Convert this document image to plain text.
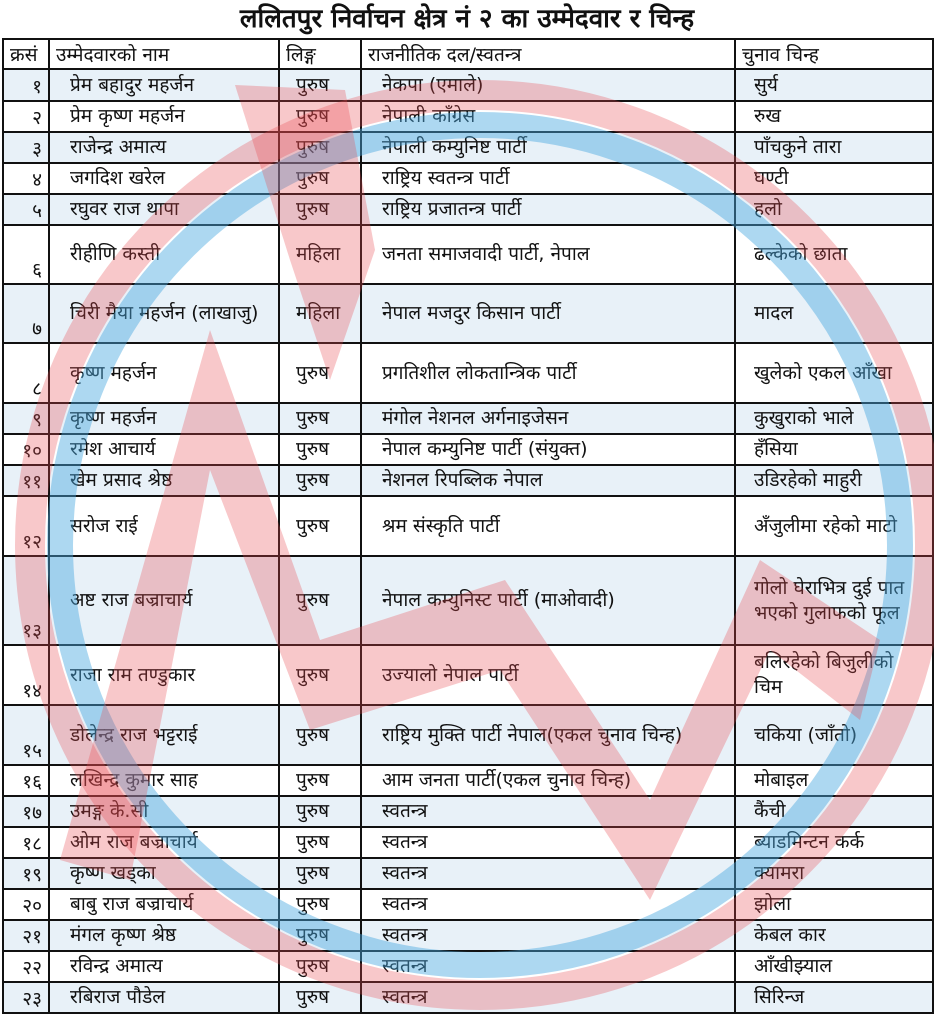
ललितपुर निर्वाचन क्षेत्र नं २ का उम्मेदवार र चिन्ह
क्रसं	उम्मेदवारको नाम	लिङ्ग	राजनीतिक दल/स्वतन्त्र	चुनाव चिन्ह
१	प्रेम बहादुर महर्जन	पुरुष	नेकपा (एमाले)	सुर्य
२	प्रेम कृष्ण महर्जन	पुरुष	नेपाली काँग्रेस	रुख
३	राजेन्द्र अमात्य	पुरुष	नेपाली कम्युनिष्ट पार्टी	पाँचकुने तारा
४	जगदिश खरेल	पुरुष	राष्ट्रिय स्वतन्त्र पार्टी	घण्टी
५	रघुवर राज थापा	पुरुष	राष्ट्रिय प्रजातन्त्र पार्टी	हलो
६	रीहीणि कस्ती	महिला	जनता समाजवादी पार्टी, नेपाल	ढल्केको छाता
७	चिरी मैया महर्जन (लाखाजु)	महिला	नेपाल मजदुर किसान पार्टी	मादल
८	कृष्ण महर्जन	पुरुष	प्रगतिशील लोकतान्त्रिक पार्टी	खुलेको एकल आँखा
९	कृष्ण महर्जन	पुरुष	मंगोल नेशनल अर्गनाइजेसन	कुखुराको भाले
१०	रमेश आचार्य	पुरुष	नेपाल कम्युनिष्ट पार्टी (संयुक्त)	हँसिया
११	खेम प्रसाद श्रेष्ठ	पुरुष	नेशनल रिपब्लिक नेपाल	उडिरहेको माहुरी
१२	सरोज राई	पुरुष	श्रम संस्कृति पार्टी	अँजुलीमा रहेको माटो
१३	अष्ट राज बज्राचार्य	पुरुष	नेपाल कम्युनिस्ट पार्टी (माओवादी)	गोलो घेराभित्र दुई पात भएको गुलाफको फूल
१४	राजा राम तण्डुकार	पुरुष	उज्यालो नेपाल पार्टी	बलिरहेको बिजुलीको चिम
१५	डोलेन्द्र राज भट्टराई	पुरुष	राष्ट्रिय मुक्ति पार्टी नेपाल(एकल चुनाव चिन्ह)	चकिया (जाँतो)
१६	लखिन्द्र कुमार साह	पुरुष	आम जनता पार्टी(एकल चुनाव चिन्ह)	मोबाइल
१७	उमङ्ग के.सी	पुरुष	स्वतन्त्र	कैंची
१८	ओम राज बज्राचार्य	पुरुष	स्वतन्त्र	ब्याडमिन्टन कर्क
१९	कृष्ण खड्का	पुरुष	स्वतन्त्र	क्यामरा
२०	बाबु राज बज्राचार्य	पुरुष	स्वतन्त्र	झोला
२१	मंगल कृष्ण श्रेष्ठ	पुरुष	स्वतन्त्र	केबल कार
२२	रविन्द्र अमात्य	पुरुष	स्वतन्त्र	आँखीझ्याल
२३	रबिराज पौडेल	पुरुष	स्वतन्त्र	सिरिन्ज
